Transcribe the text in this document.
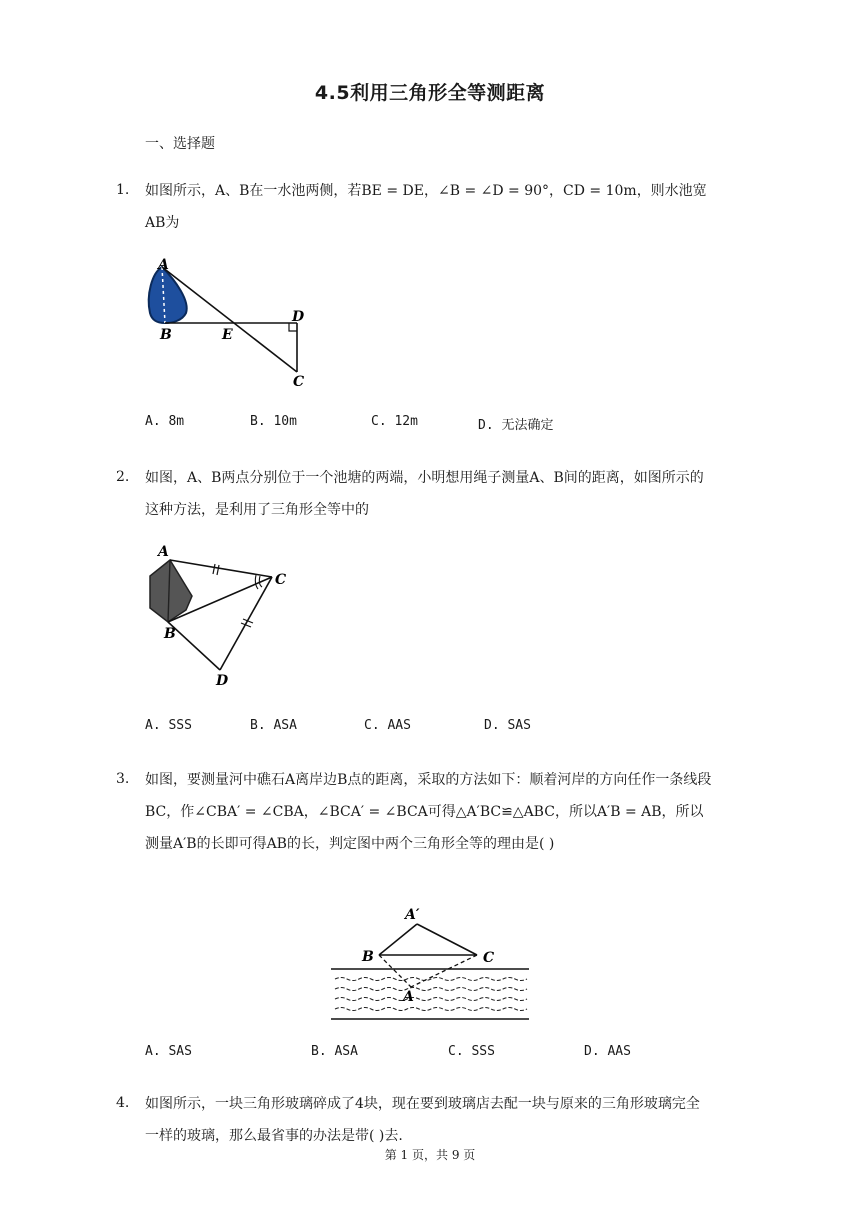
4.5利用三角形全等测距离
一、选择题
1. 如图所示，A、B在一水池两侧，若BE = DE，∠B = ∠D = 90°，CD = 10m，则水池宽AB为
A
B	E
D
C
A. 8m	B. 10m	C. 12m	D. 无法确定
2. 如图，A、B两点分别位于一个池塘的两端，小明想用绳子测量A、B间的距离，如图所示的这种方法，是利用了三角形全等中的
A
C
B
D
A. SSS	B. ASA	C. AAS	D. SAS
3. 如图，要测量河中礁石A离岸边B点的距离，采取的方法如下：顺着河岸的方向任作一条线段BC，作∠CBA′ = ∠CBA，∠BCA′ = ∠BCA可得△A′BC≌△ABC，所以A′B = AB，所以测量A′B的长即可得AB的长，判定图中两个三角形全等的理由是( )
A′
B	C
A
A. SAS	B. ASA	C. SSS	D. AAS
4. 如图所示，一块三角形玻璃碎成了4块，现在要到玻璃店去配一块与原来的三角形玻璃完全一样的玻璃，那么最省事的办法是带( )去.
第 1 页，共 9 页
